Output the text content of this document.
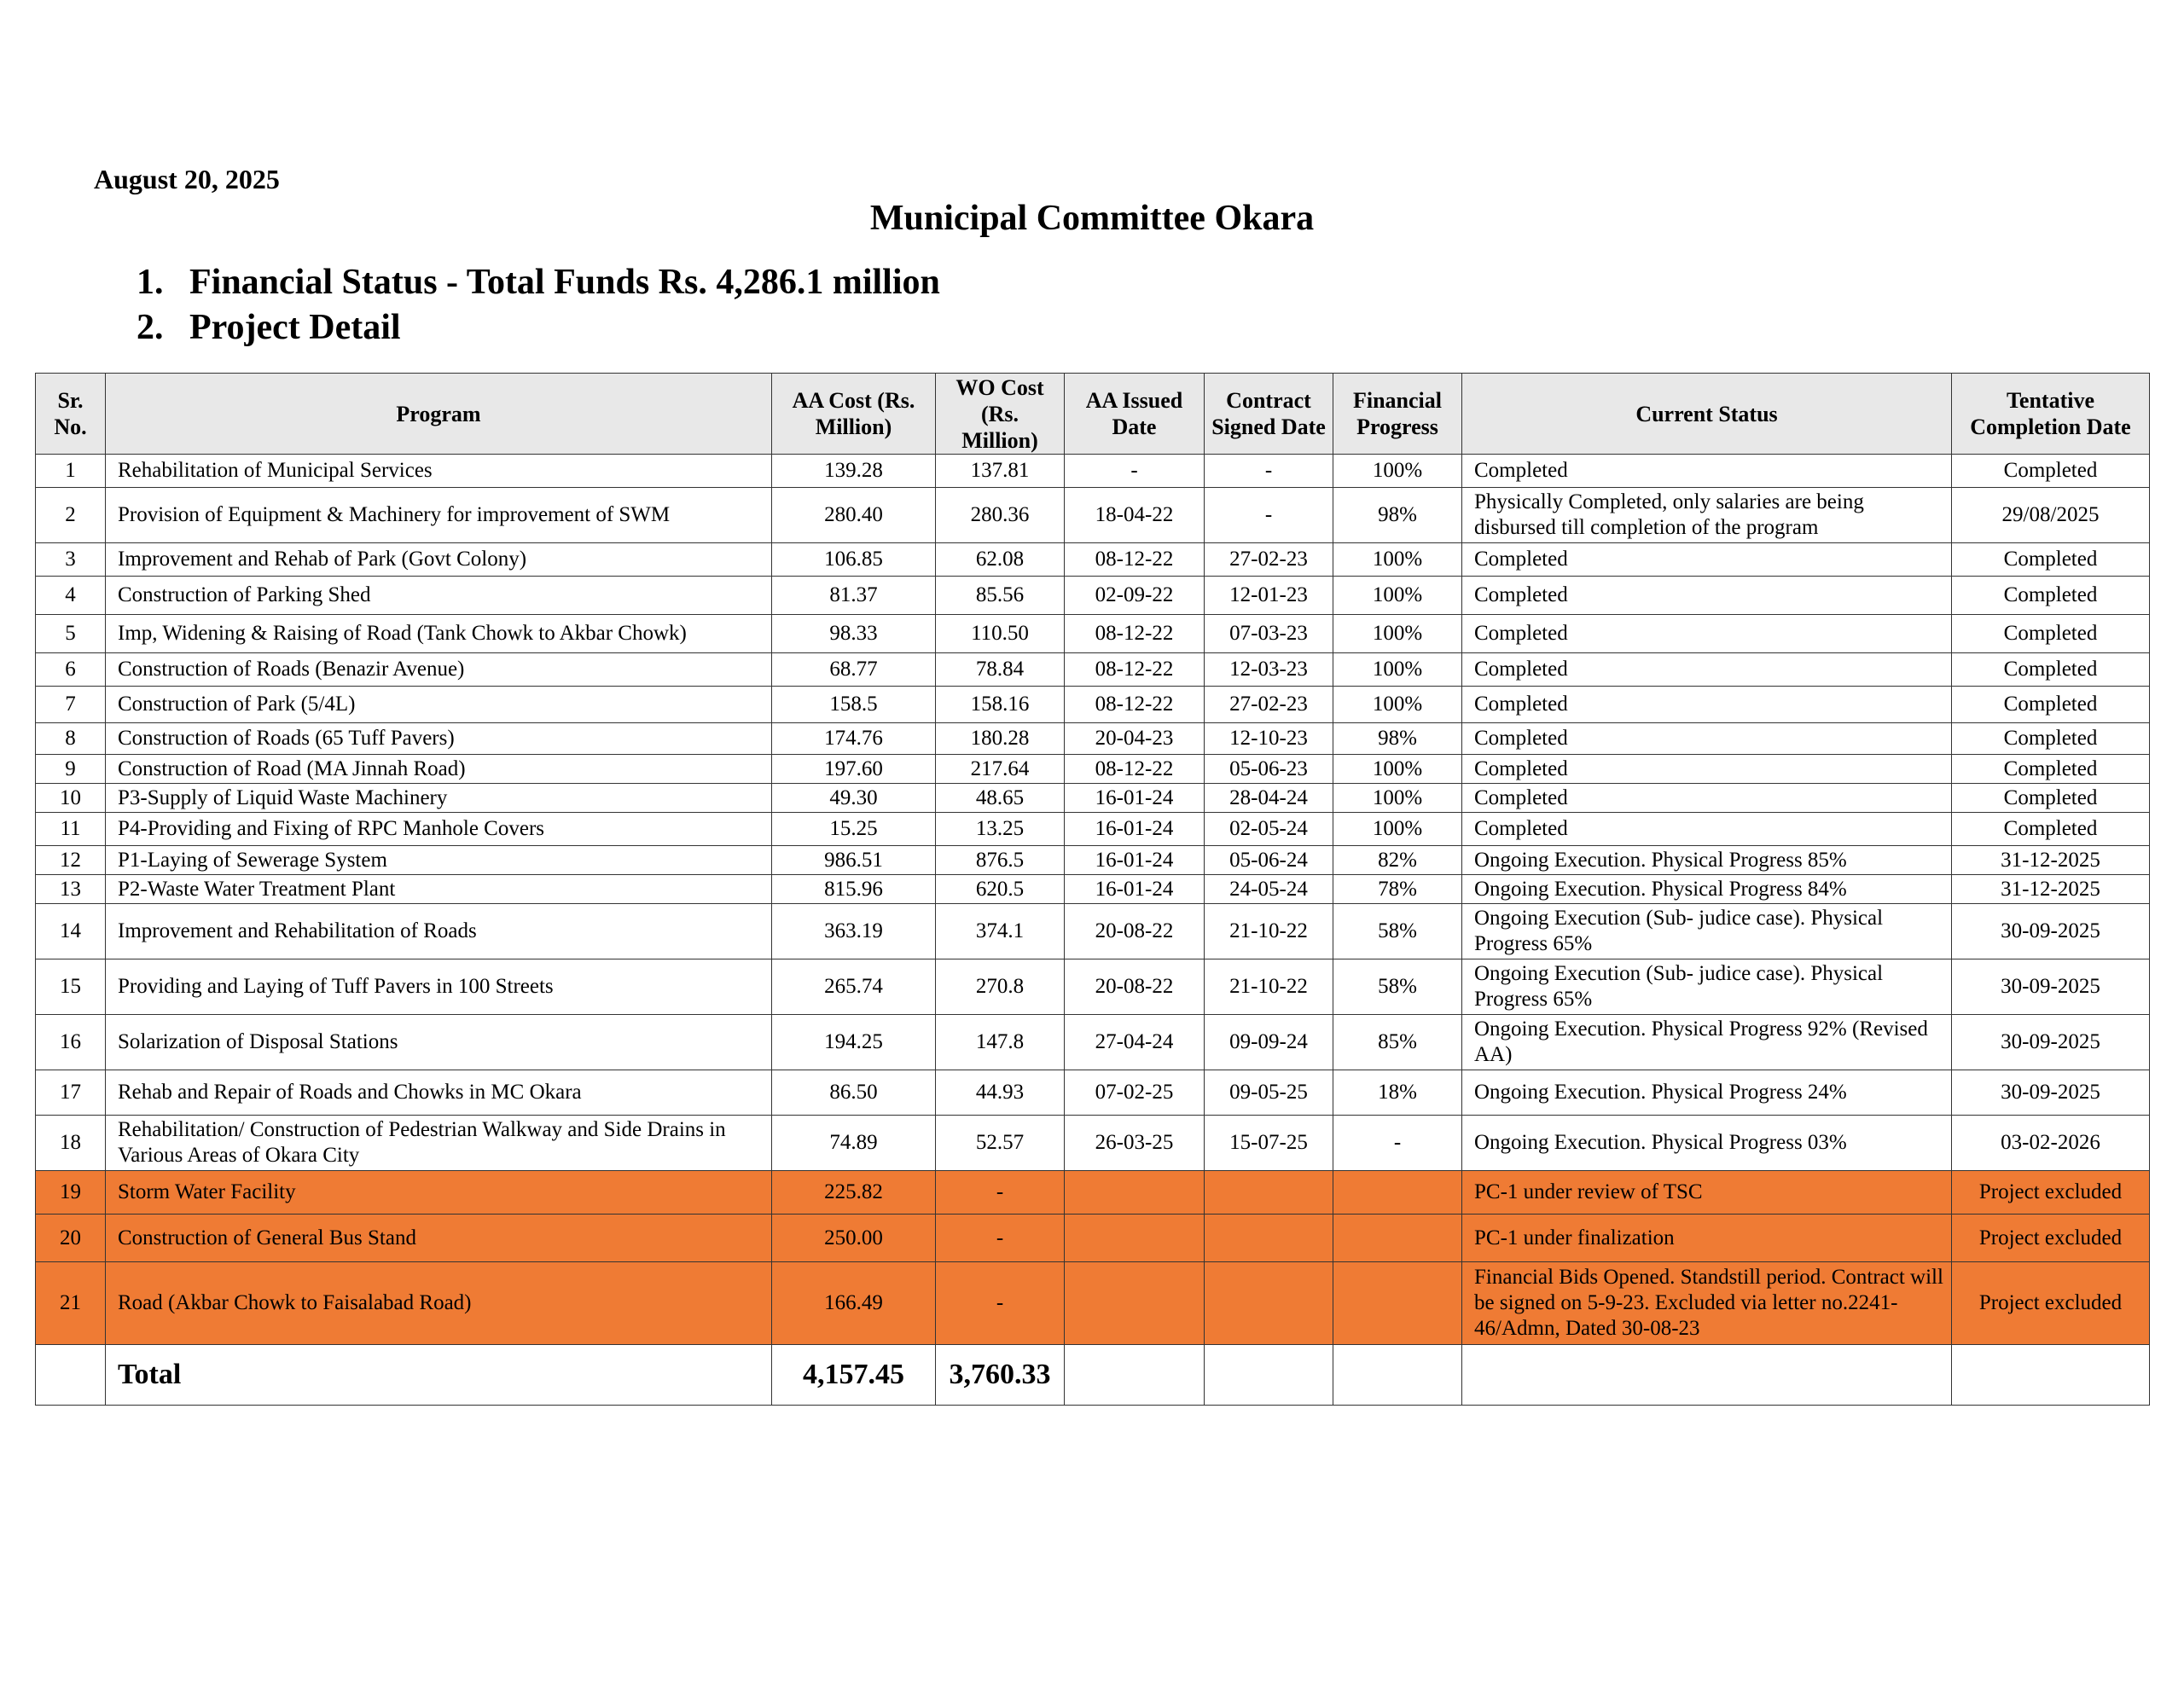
August 20, 2025
Municipal Committee Okara
1. Financial Status - Total Funds Rs. 4,286.1 million
2. Project Detail
Sr. No.	Program	AA Cost (Rs. Million)	WO Cost (Rs. Million)	AA Issued Date	Contract Signed Date	Financial Progress	Current Status	Tentative Completion Date
1	Rehabilitation of Municipal Services	139.28	137.81	-	-	100%	Completed	Completed
2	Provision of Equipment & Machinery for improvement of SWM	280.40	280.36	18-04-22	-	98%	Physically Completed, only salaries are being disbursed till completion of the program	29/08/2025
3	Improvement and Rehab of Park (Govt Colony)	106.85	62.08	08-12-22	27-02-23	100%	Completed	Completed
4	Construction of Parking Shed	81.37	85.56	02-09-22	12-01-23	100%	Completed	Completed
5	Imp, Widening & Raising of Road (Tank Chowk to Akbar Chowk)	98.33	110.50	08-12-22	07-03-23	100%	Completed	Completed
6	Construction of Roads (Benazir Avenue)	68.77	78.84	08-12-22	12-03-23	100%	Completed	Completed
7	Construction of Park (5/4L)	158.5	158.16	08-12-22	27-02-23	100%	Completed	Completed
8	Construction of Roads (65 Tuff Pavers)	174.76	180.28	20-04-23	12-10-23	98%	Completed	Completed
9	Construction of Road (MA Jinnah Road)	197.60	217.64	08-12-22	05-06-23	100%	Completed	Completed
10	P3-Supply of Liquid Waste Machinery	49.30	48.65	16-01-24	28-04-24	100%	Completed	Completed
11	P4-Providing and Fixing of RPC Manhole Covers	15.25	13.25	16-01-24	02-05-24	100%	Completed	Completed
12	P1-Laying of Sewerage System	986.51	876.5	16-01-24	05-06-24	82%	Ongoing Execution. Physical Progress 85%	31-12-2025
13	P2-Waste Water Treatment Plant	815.96	620.5	16-01-24	24-05-24	78%	Ongoing Execution. Physical Progress 84%	31-12-2025
14	Improvement and Rehabilitation of Roads	363.19	374.1	20-08-22	21-10-22	58%	Ongoing Execution (Sub- judice case). Physical Progress 65%	30-09-2025
15	Providing and Laying of Tuff Pavers in 100 Streets	265.74	270.8	20-08-22	21-10-22	58%	Ongoing Execution (Sub- judice case). Physical Progress 65%	30-09-2025
16	Solarization of Disposal Stations	194.25	147.8	27-04-24	09-09-24	85%	Ongoing Execution. Physical Progress 92% (Revised AA)	30-09-2025
17	Rehab and Repair of Roads and Chowks in MC Okara	86.50	44.93	07-02-25	09-05-25	18%	Ongoing Execution. Physical Progress 24%	30-09-2025
18	Rehabilitation/ Construction of Pedestrian Walkway and Side Drains in Various Areas of Okara City	74.89	52.57	26-03-25	15-07-25	-	Ongoing Execution. Physical Progress 03%	03-02-2026
19	Storm Water Facility	225.82	-				PC-1 under review of TSC	Project excluded
20	Construction of General Bus Stand	250.00	-				PC-1 under finalization	Project excluded
21	Road (Akbar Chowk to Faisalabad Road)	166.49	-				Financial Bids Opened. Standstill period. Contract will be signed on 5-9-23. Excluded via letter no.2241-46/Admn, Dated 30-08-23	Project excluded
	Total	4,157.45	3,760.33					
